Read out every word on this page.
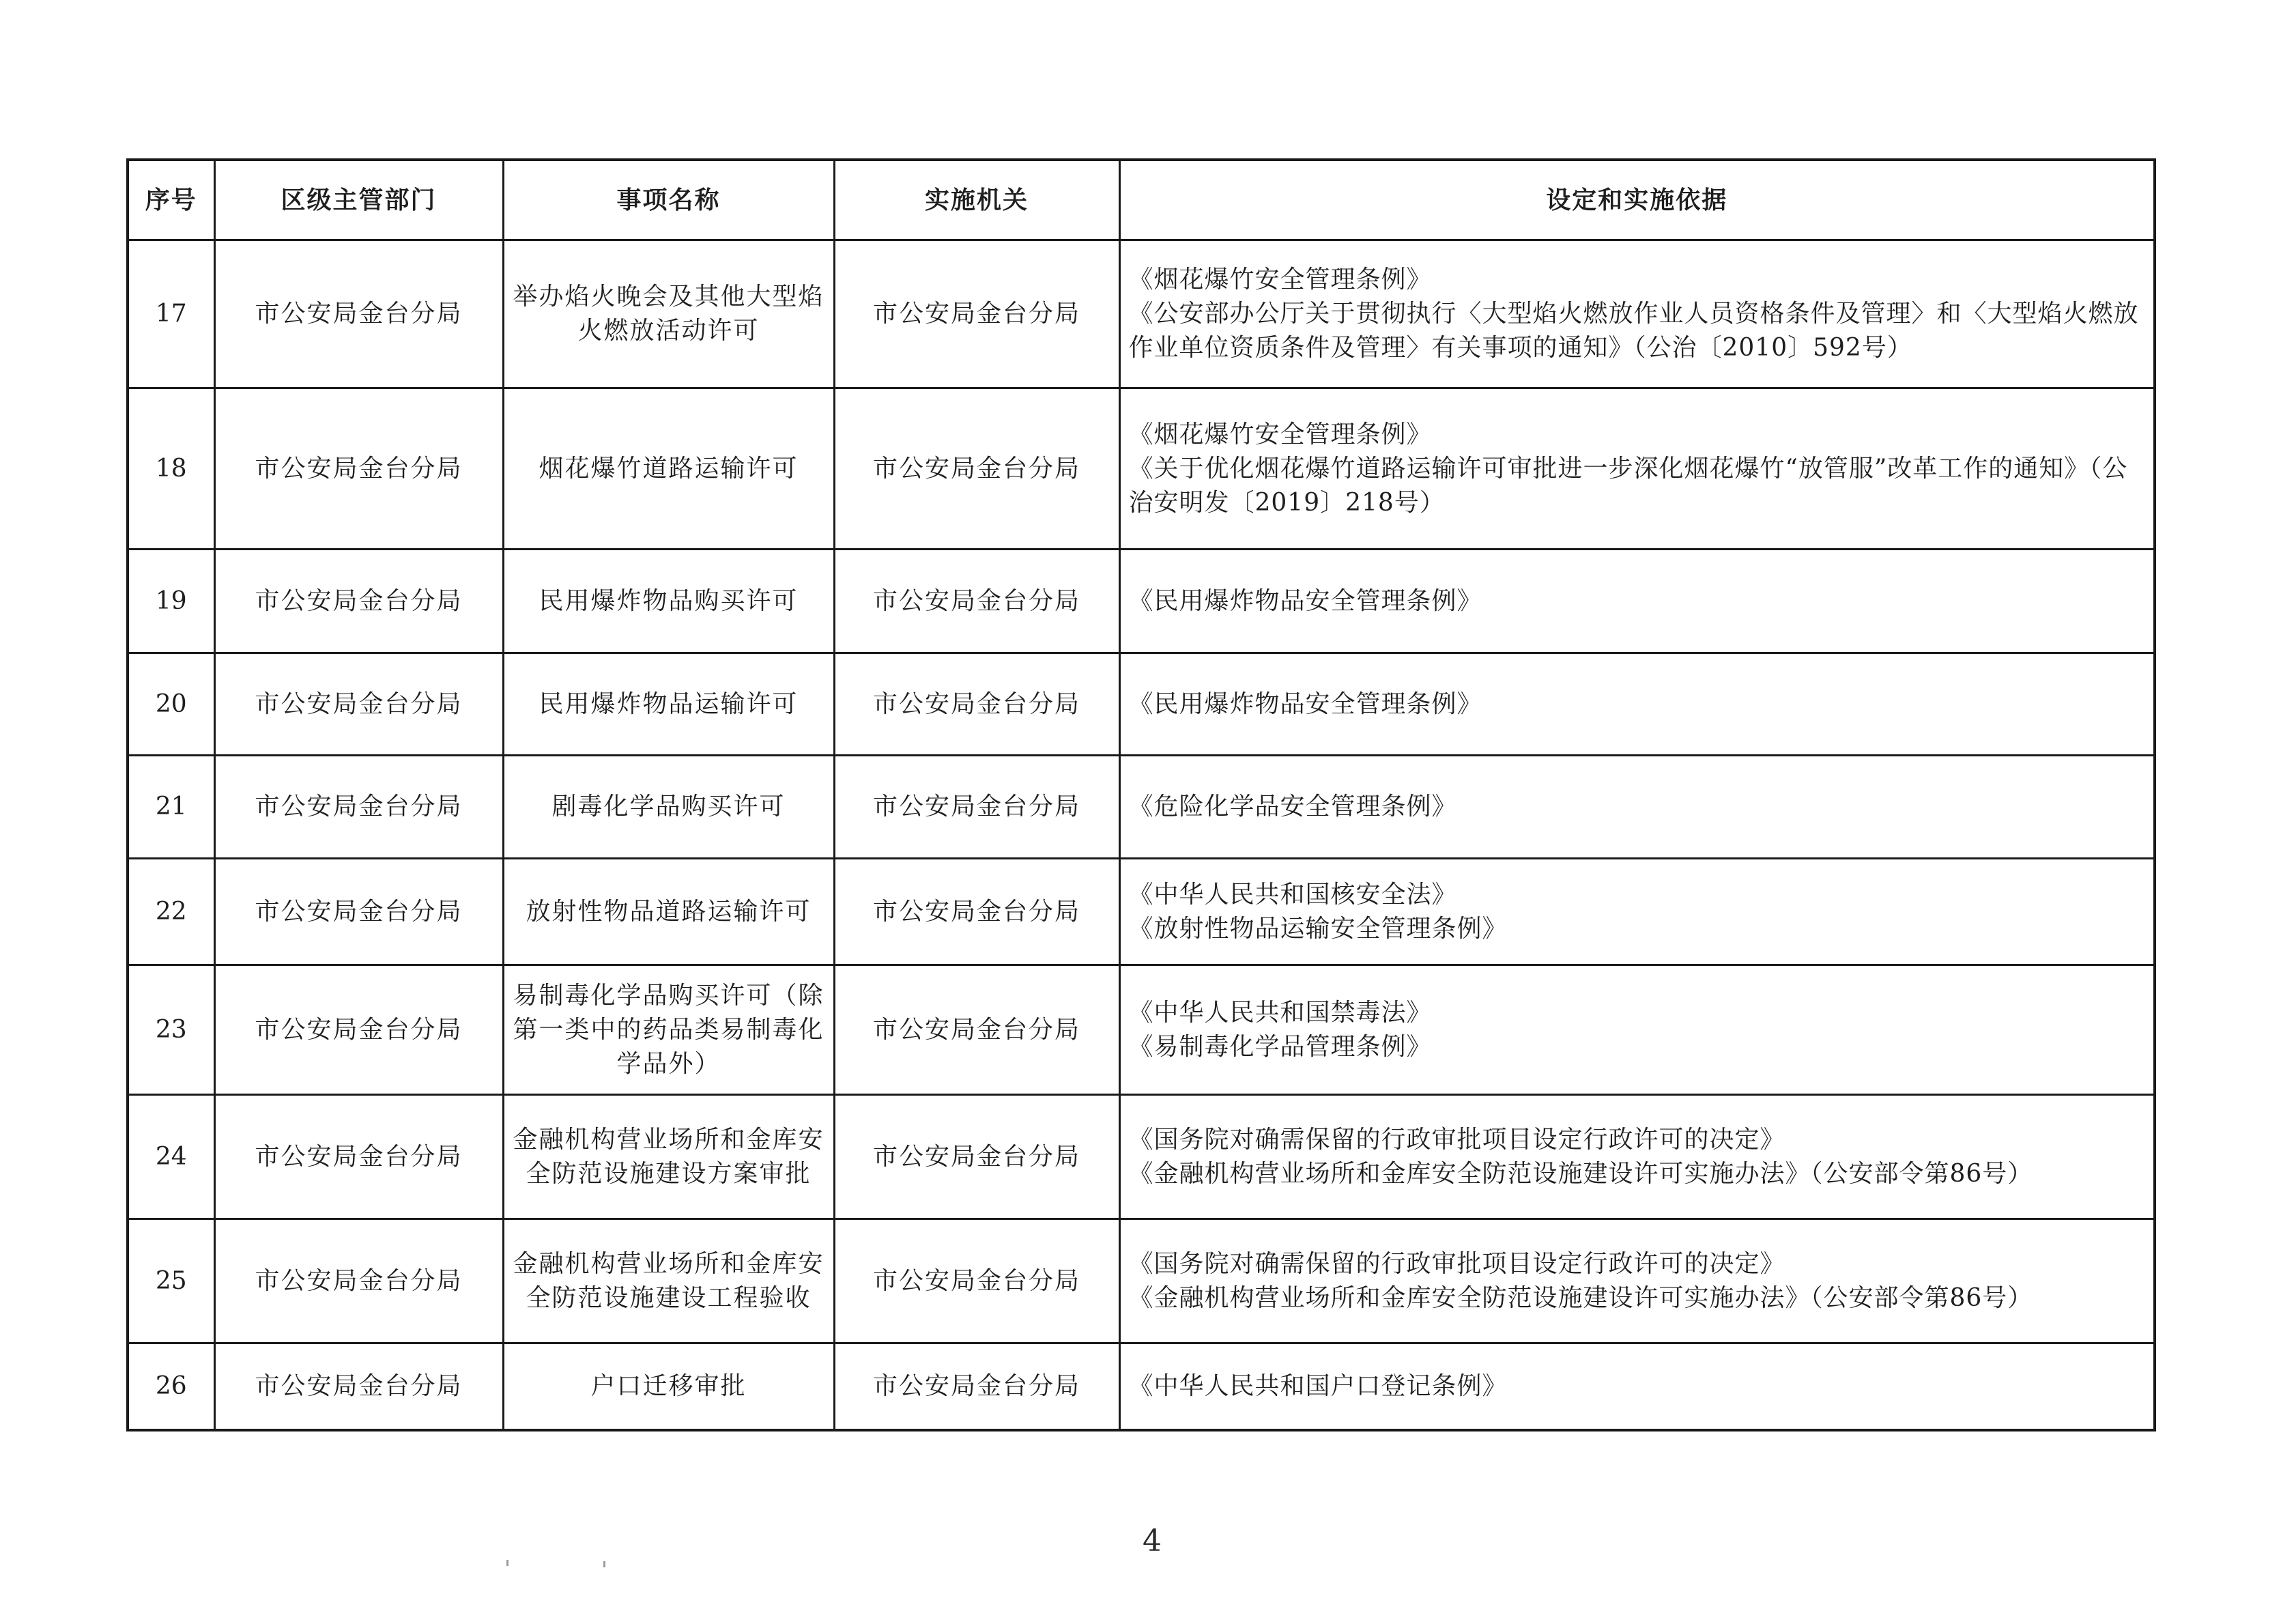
序号	区级主管部门	事项名称	实施机关	设定和实施依据
17	市公安局金台分局	举办焰火晚会及其他大型焰火燃放活动许可	市公安局金台分局	《烟花爆竹安全管理条例》
《公安部办公厅关于贯彻执行〈大型焰火燃放作业人员资格条件及管理〉和〈大型焰火燃放作业单位资质条件及管理〉有关事项的通知》（公治〔2010〕592号）

18	市公安局金台分局	烟花爆竹道路运输许可	市公安局金台分局	《烟花爆竹安全管理条例》
《关于优化烟花爆竹道路运输许可审批进一步深化烟花爆竹“放管服”改革工作的通知》（公治安明发〔2019〕218号）

19	市公安局金台分局	民用爆炸物品购买许可	市公安局金台分局	《民用爆炸物品安全管理条例》

20	市公安局金台分局	民用爆炸物品运输许可	市公安局金台分局	《民用爆炸物品安全管理条例》

21	市公安局金台分局	剧毒化学品购买许可	市公安局金台分局	《危险化学品安全管理条例》

22	市公安局金台分局	放射性物品道路运输许可	市公安局金台分局	《中华人民共和国核安全法》
《放射性物品运输安全管理条例》

23	市公安局金台分局	易制毒化学品购买许可（除第一类中的药品类易制毒化学品外）	市公安局金台分局	《中华人民共和国禁毒法》
《易制毒化学品管理条例》

24	市公安局金台分局	金融机构营业场所和金库安全防范设施建设方案审批	市公安局金台分局	《国务院对确需保留的行政审批项目设定行政许可的决定》
《金融机构营业场所和金库安全防范设施建设许可实施办法》（公安部令第86号）

25	市公安局金台分局	金融机构营业场所和金库安全防范设施建设工程验收	市公安局金台分局	《国务院对确需保留的行政审批项目设定行政许可的决定》
《金融机构营业场所和金库安全防范设施建设许可实施办法》（公安部令第86号）

26	市公安局金台分局	户口迁移审批	市公安局金台分局	《中华人民共和国户口登记条例》
4
